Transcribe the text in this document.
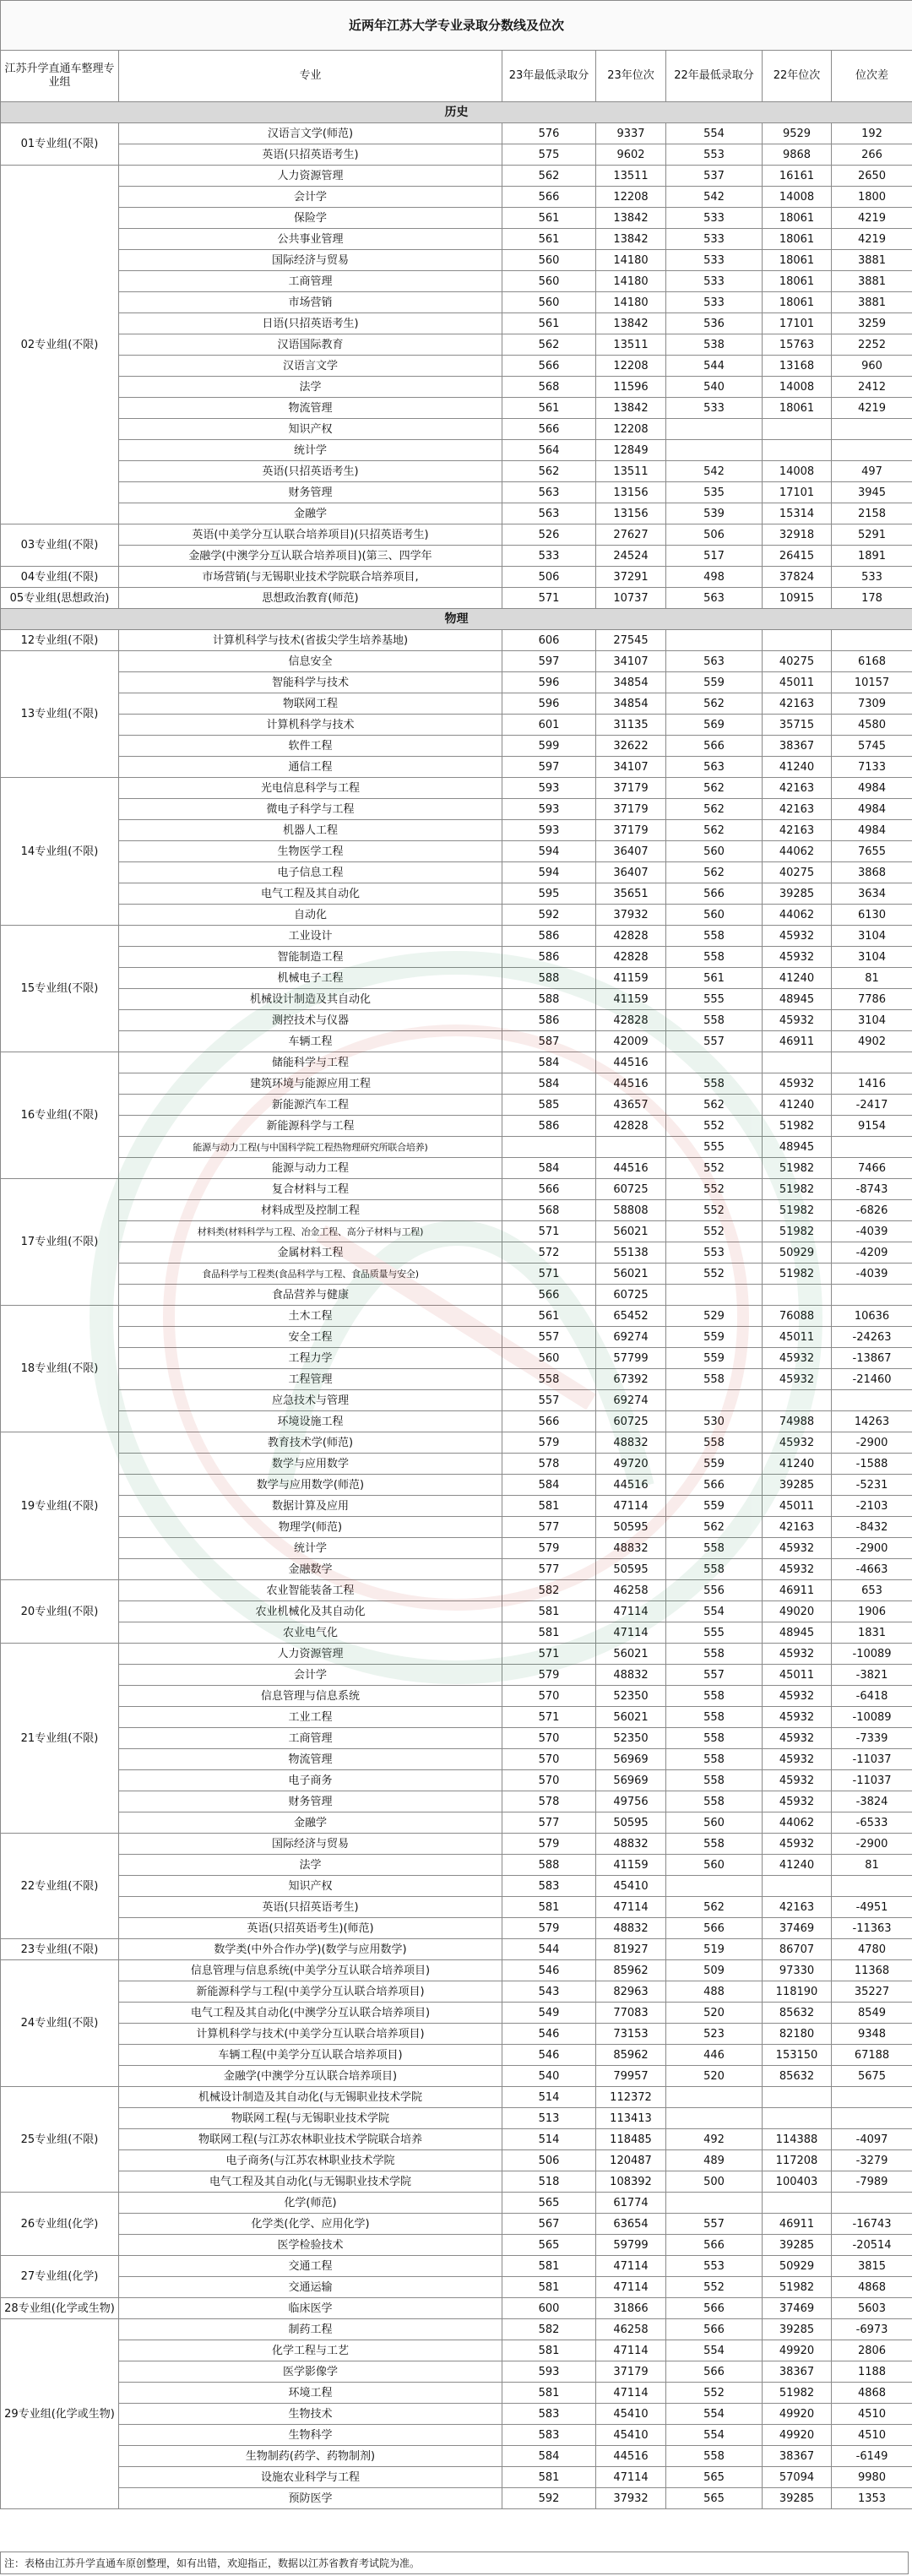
近两年江苏大学专业录取分数线及位次						
江苏升学直通车整理专业组	专业	23年最低录取分	23年位次	22年最低录取分	22年位次	位次差
历史						
01专业组(不限)	汉语言文学(师范)	576	9337	554	9529	192
	英语(只招英语考生)	575	9602	553	9868	266
02专业组(不限)	人力资源管理	562	13511	537	16161	2650
	会计学	566	12208	542	14008	1800
	保险学	561	13842	533	18061	4219
	公共事业管理	561	13842	533	18061	4219
	国际经济与贸易	560	14180	533	18061	3881
	工商管理	560	14180	533	18061	3881
	市场营销	560	14180	533	18061	3881
	日语(只招英语考生)	561	13842	536	17101	3259
	汉语国际教育	562	13511	538	15763	2252
	汉语言文学	566	12208	544	13168	960
	法学	568	11596	540	14008	2412
	物流管理	561	13842	533	18061	4219
	知识产权	566	12208			
	统计学	564	12849			
	英语(只招英语考生)	562	13511	542	14008	497
	财务管理	563	13156	535	17101	3945
	金融学	563	13156	539	15314	2158
03专业组(不限)	英语(中美学分互认联合培养项目)(只招英语考生)	526	27627	506	32918	5291
	金融学(中澳学分互认联合培养项目)(第三、四学年	533	24524	517	26415	1891
04专业组(不限)	市场营销(与无锡职业技术学院联合培养项目,	506	37291	498	37824	533
05专业组(思想政治)	思想政治教育(师范)	571	10737	563	10915	178
物理						
12专业组(不限)	计算机科学与技术(省拔尖学生培养基地)	606	27545			
13专业组(不限)	信息安全	597	34107	563	40275	6168
	智能科学与技术	596	34854	559	45011	10157
	物联网工程	596	34854	562	42163	7309
	计算机科学与技术	601	31135	569	35715	4580
	软件工程	599	32622	566	38367	5745
	通信工程	597	34107	563	41240	7133
14专业组(不限)	光电信息科学与工程	593	37179	562	42163	4984
	微电子科学与工程	593	37179	562	42163	4984
	机器人工程	593	37179	562	42163	4984
	生物医学工程	594	36407	560	44062	7655
	电子信息工程	594	36407	562	40275	3868
	电气工程及其自动化	595	35651	566	39285	3634
	自动化	592	37932	560	44062	6130
15专业组(不限)	工业设计	586	42828	558	45932	3104
	智能制造工程	586	42828	558	45932	3104
	机械电子工程	588	41159	561	41240	81
	机械设计制造及其自动化	588	41159	555	48945	7786
	测控技术与仪器	586	42828	558	45932	3104
	车辆工程	587	42009	557	46911	4902
16专业组(不限)	储能科学与工程	584	44516			
	建筑环境与能源应用工程	584	44516	558	45932	1416
	新能源汽车工程	585	43657	562	41240	-2417
	新能源科学与工程	586	42828	552	51982	9154
	能源与动力工程(与中国科学院工程热物理研究所联合培养)			555	48945	
	能源与动力工程	584	44516	552	51982	7466
17专业组(不限)	复合材料与工程	566	60725	552	51982	-8743
	材料成型及控制工程	568	58808	552	51982	-6826
	材料类(材料科学与工程、冶金工程、高分子材料与工程)	571	56021	552	51982	-4039
	金属材料工程	572	55138	553	50929	-4209
	食品科学与工程类(食品科学与工程、食品质量与安全)	571	56021	552	51982	-4039
	食品营养与健康	566	60725			
18专业组(不限)	土木工程	561	65452	529	76088	10636
	安全工程	557	69274	559	45011	-24263
	工程力学	560	57799	559	45932	-13867
	工程管理	558	67392	558	45932	-21460
	应急技术与管理	557	69274			
	环境设施工程	566	60725	530	74988	14263
19专业组(不限)	教育技术学(师范)	579	48832	558	45932	-2900
	数学与应用数学	578	49720	559	41240	-1588
	数学与应用数学(师范)	584	44516	566	39285	-5231
	数据计算及应用	581	47114	559	45011	-2103
	物理学(师范)	577	50595	562	42163	-8432
	统计学	579	48832	558	45932	-2900
	金融数学	577	50595	558	45932	-4663
20专业组(不限)	农业智能装备工程	582	46258	556	46911	653
	农业机械化及其自动化	581	47114	554	49020	1906
	农业电气化	581	47114	555	48945	1831
21专业组(不限)	人力资源管理	571	56021	558	45932	-10089
	会计学	579	48832	557	45011	-3821
	信息管理与信息系统	570	52350	558	45932	-6418
	工业工程	571	56021	558	45932	-10089
	工商管理	570	52350	558	45932	-7339
	物流管理	570	56969	558	45932	-11037
	电子商务	570	56969	558	45932	-11037
	财务管理	578	49756	558	45932	-3824
	金融学	577	50595	560	44062	-6533
22专业组(不限)	国际经济与贸易	579	48832	558	45932	-2900
	法学	588	41159	560	41240	81
	知识产权	583	45410			
	英语(只招英语考生)	581	47114	562	42163	-4951
	英语(只招英语考生)(师范)	579	48832	566	37469	-11363
23专业组(不限)	数学类(中外合作办学)(数学与应用数学)	544	81927	519	86707	4780
24专业组(不限)	信息管理与信息系统(中美学分互认联合培养项目)	546	85962	509	97330	11368
	新能源科学与工程(中美学分互认联合培养项目)	543	82963	488	118190	35227
	电气工程及其自动化(中澳学分互认联合培养项目)	549	77083	520	85632	8549
	计算机科学与技术(中美学分互认联合培养项目)	546	73153	523	82180	9348
	车辆工程(中美学分互认联合培养项目)	546	85962	446	153150	67188
	金融学(中澳学分互认联合培养项目)	540	79957	520	85632	5675
25专业组(不限)	机械设计制造及其自动化(与无锡职业技术学院	514	112372			
	物联网工程(与无锡职业技术学院	513	113413			
	物联网工程(与江苏农林职业技术学院联合培养	514	118485	492	114388	-4097
	电子商务(与江苏农林职业技术学院	506	120487	489	117208	-3279
	电气工程及其自动化(与无锡职业技术学院	518	108392	500	100403	-7989
26专业组(化学)	化学(师范)	565	61774			
	化学类(化学、应用化学)	567	63654	557	46911	-16743
	医学检验技术	565	59799	566	39285	-20514
27专业组(化学)	交通工程	581	47114	553	50929	3815
	交通运输	581	47114	552	51982	4868
28专业组(化学或生物)	临床医学	600	31866	566	37469	5603
29专业组(化学或生物)	制药工程	582	46258	566	39285	-6973
	化学工程与工艺	581	47114	554	49920	2806
	医学影像学	593	37179	566	38367	1188
	环境工程	581	47114	552	51982	4868
	生物技术	583	45410	554	49920	4510
	生物科学	583	45410	554	49920	4510
	生物制药(药学、药物制剂)	584	44516	558	38367	-6149
	设施农业科学与工程	581	47114	565	57094	9980
	预防医学	592	37932	565	39285	1353
注：表格由江苏升学直通车原创整理，如有出错，欢迎指正，数据以江苏省教育考试院为准。
